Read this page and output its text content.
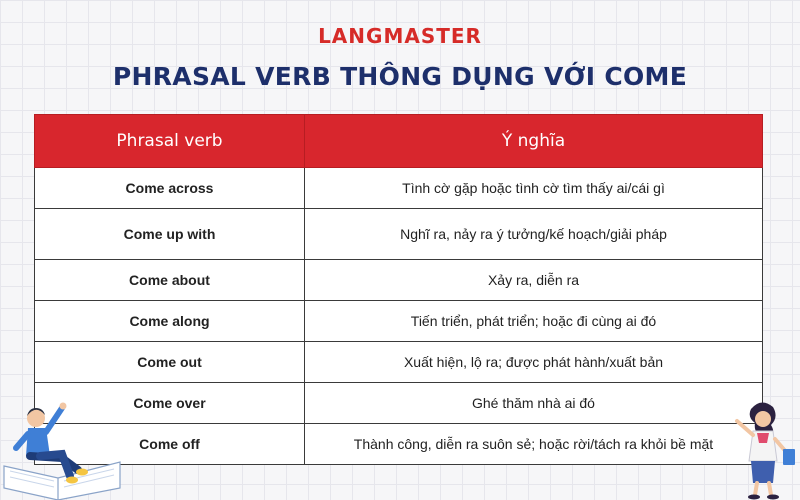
LANGMASTER
PHRASAL VERB THÔNG DỤNG VỚI COME
Phrasal verb	Ý nghĩa
Come across	Tình cờ gặp hoặc tình cờ tìm thấy ai/cái gì
Come up with	Nghĩ ra, nảy ra ý tưởng/kế hoạch/giải pháp
Come about	Xảy ra, diễn ra
Come along	Tiến triển, phát triển; hoặc đi cùng ai đó
Come out	Xuất hiện, lộ ra; được phát hành/xuất bản
Come over	Ghé thăm nhà ai đó
Come off	Thành công, diễn ra suôn sẻ; hoặc rời/tách ra khỏi bề mặt
